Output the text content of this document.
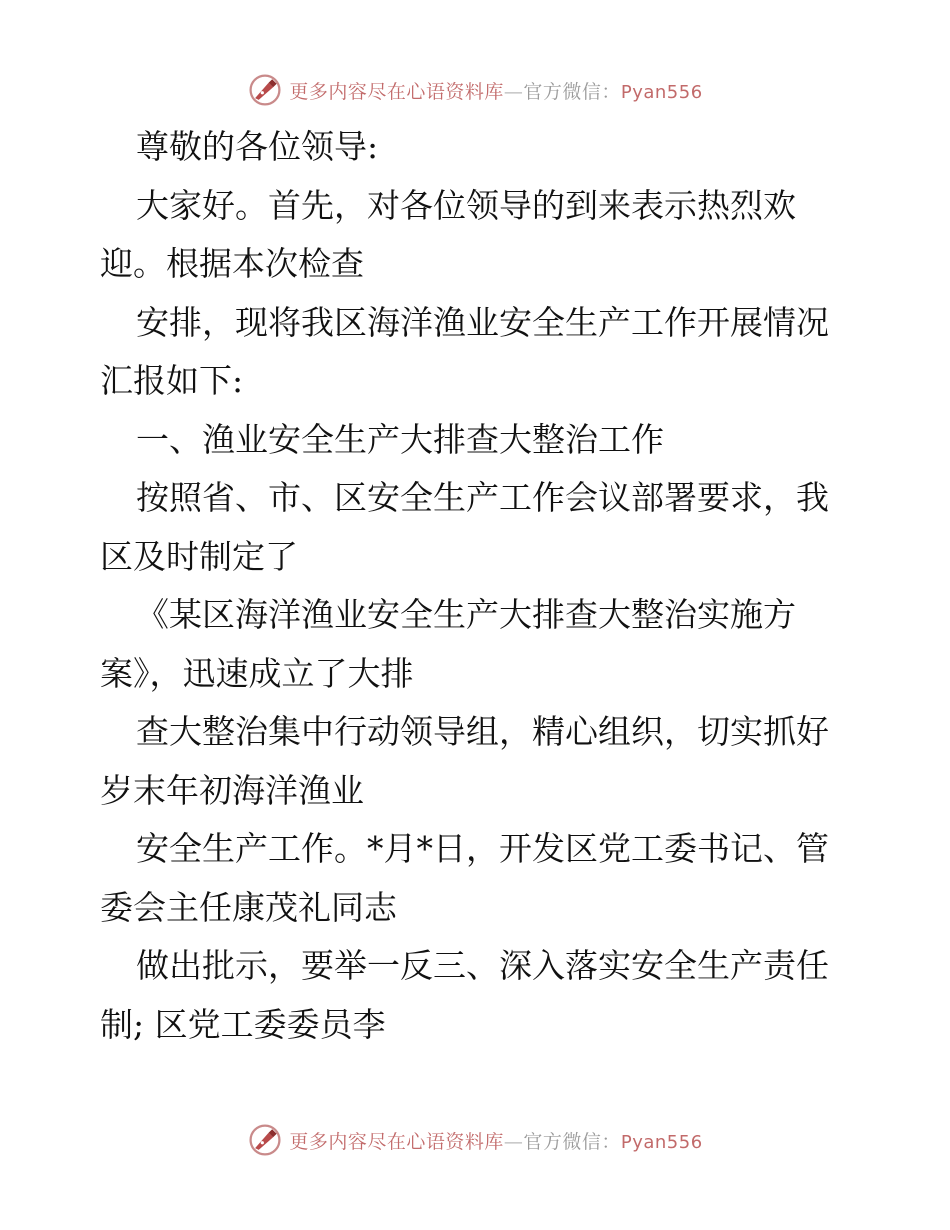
更多内容尽在心语资料库—官方微信：Pyan556

尊敬的各位领导:

大家好。首先，对各位领导的到来表示热烈欢

迎。根据本次检查

安排，现将我区海洋渔业安全生产工作开展情况

汇报如下:

一、渔业安全生产大排查大整治工作

按照省、市、区安全生产工作会议部署要求，我

区及时制定了

《某区海洋渔业安全生产大排查大整治实施方

案》，迅速成立了大排

查大整治集中行动领导组，精心组织，切实抓好

岁末年初海洋渔业

安全生产工作。*月*日，开发区党工委书记、管

委会主任康茂礼同志

做出批示，要举一反三、深入落实安全生产责任

制; 区党工委委员李

更多内容尽在心语资料库—官方微信：Pyan556
